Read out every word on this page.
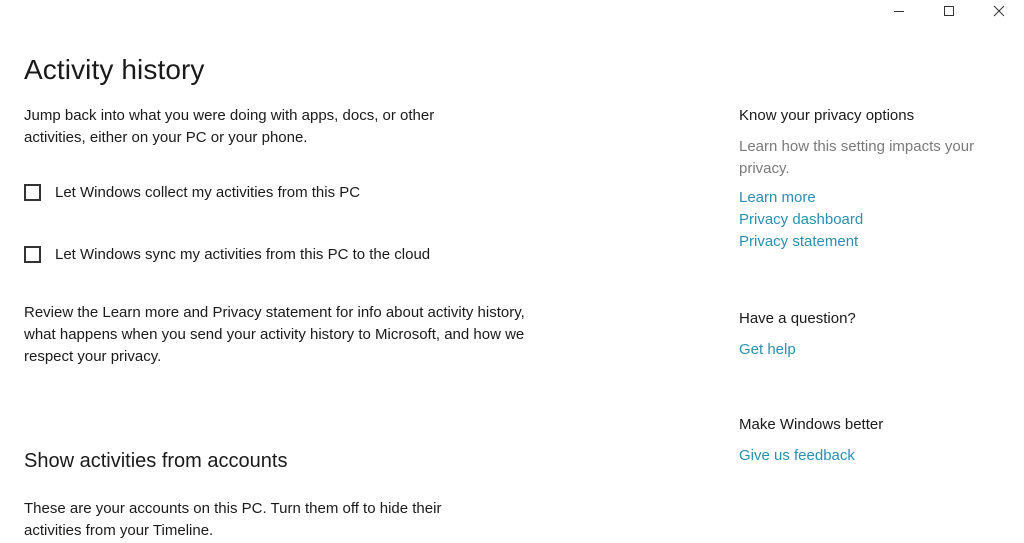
Activity history
Jump back into what you were doing with apps, docs, or other activities, either on your PC or your phone.
Let Windows collect my activities from this PC
Let Windows sync my activities from this PC to the cloud
Review the Learn more and Privacy statement for info about activity history, what happens when you send your activity history to Microsoft, and how we respect your privacy.
Show activities from accounts
These are your accounts on this PC. Turn them off to hide their activities from your Timeline.
Know your privacy options
Learn how this setting impacts your privacy.
Learn more
Privacy dashboard
Privacy statement
Have a question?
Get help
Make Windows better
Give us feedback
